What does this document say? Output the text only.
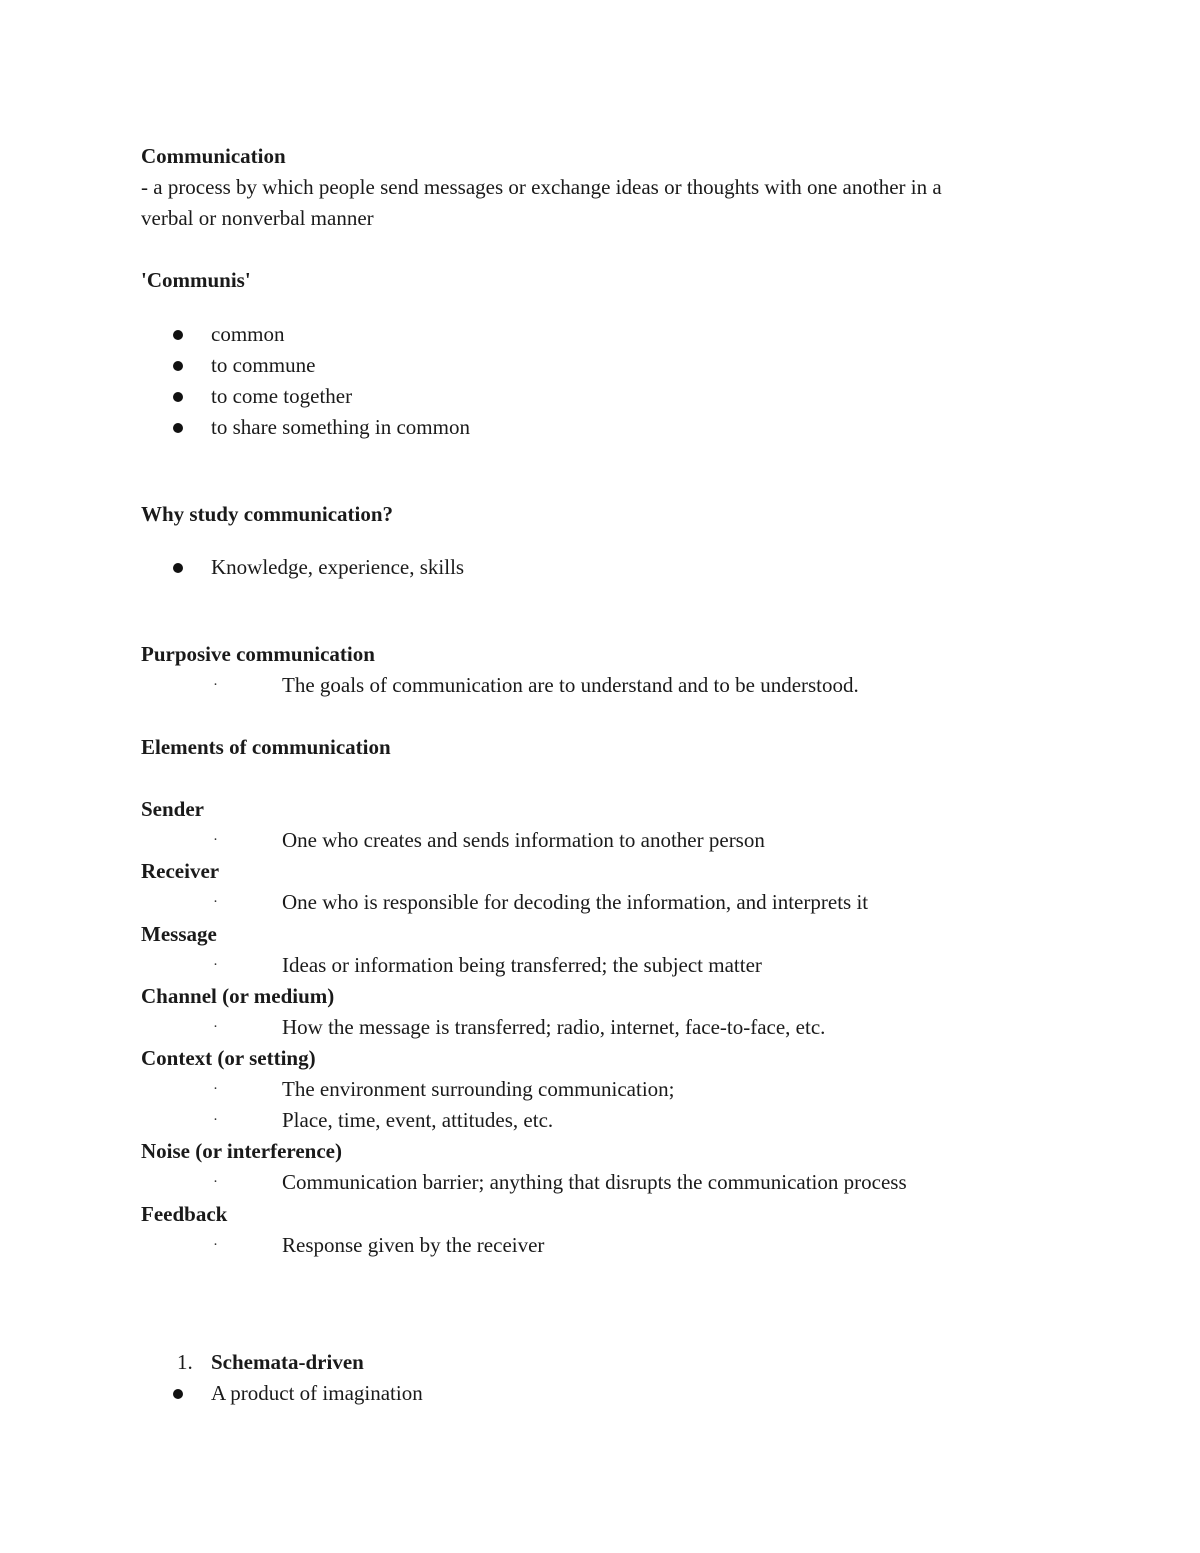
Communication
- a process by which people send messages or exchange ideas or thoughts with one another in a
verbal or nonverbal manner
'Communis'
common
to commune
to come together
to share something in common
Why study communication?
Knowledge, experience, skills
Purposive communication
·	The goals of communication are to understand and to be understood.
Elements of communication
Sender
·	One who creates and sends information to another person
Receiver
·	One who is responsible for decoding the information, and interprets it
Message
·	Ideas or information being transferred; the subject matter
Channel (or medium)
·	How the message is transferred; radio, internet, face-to-face, etc.
Context (or setting)
·	The environment surrounding communication;
·	Place, time, event, attitudes, etc.
Noise (or interference)
·	Communication barrier; anything that disrupts the communication process
Feedback
·	Response given by the receiver
1. Schemata-driven
A product of imagination
